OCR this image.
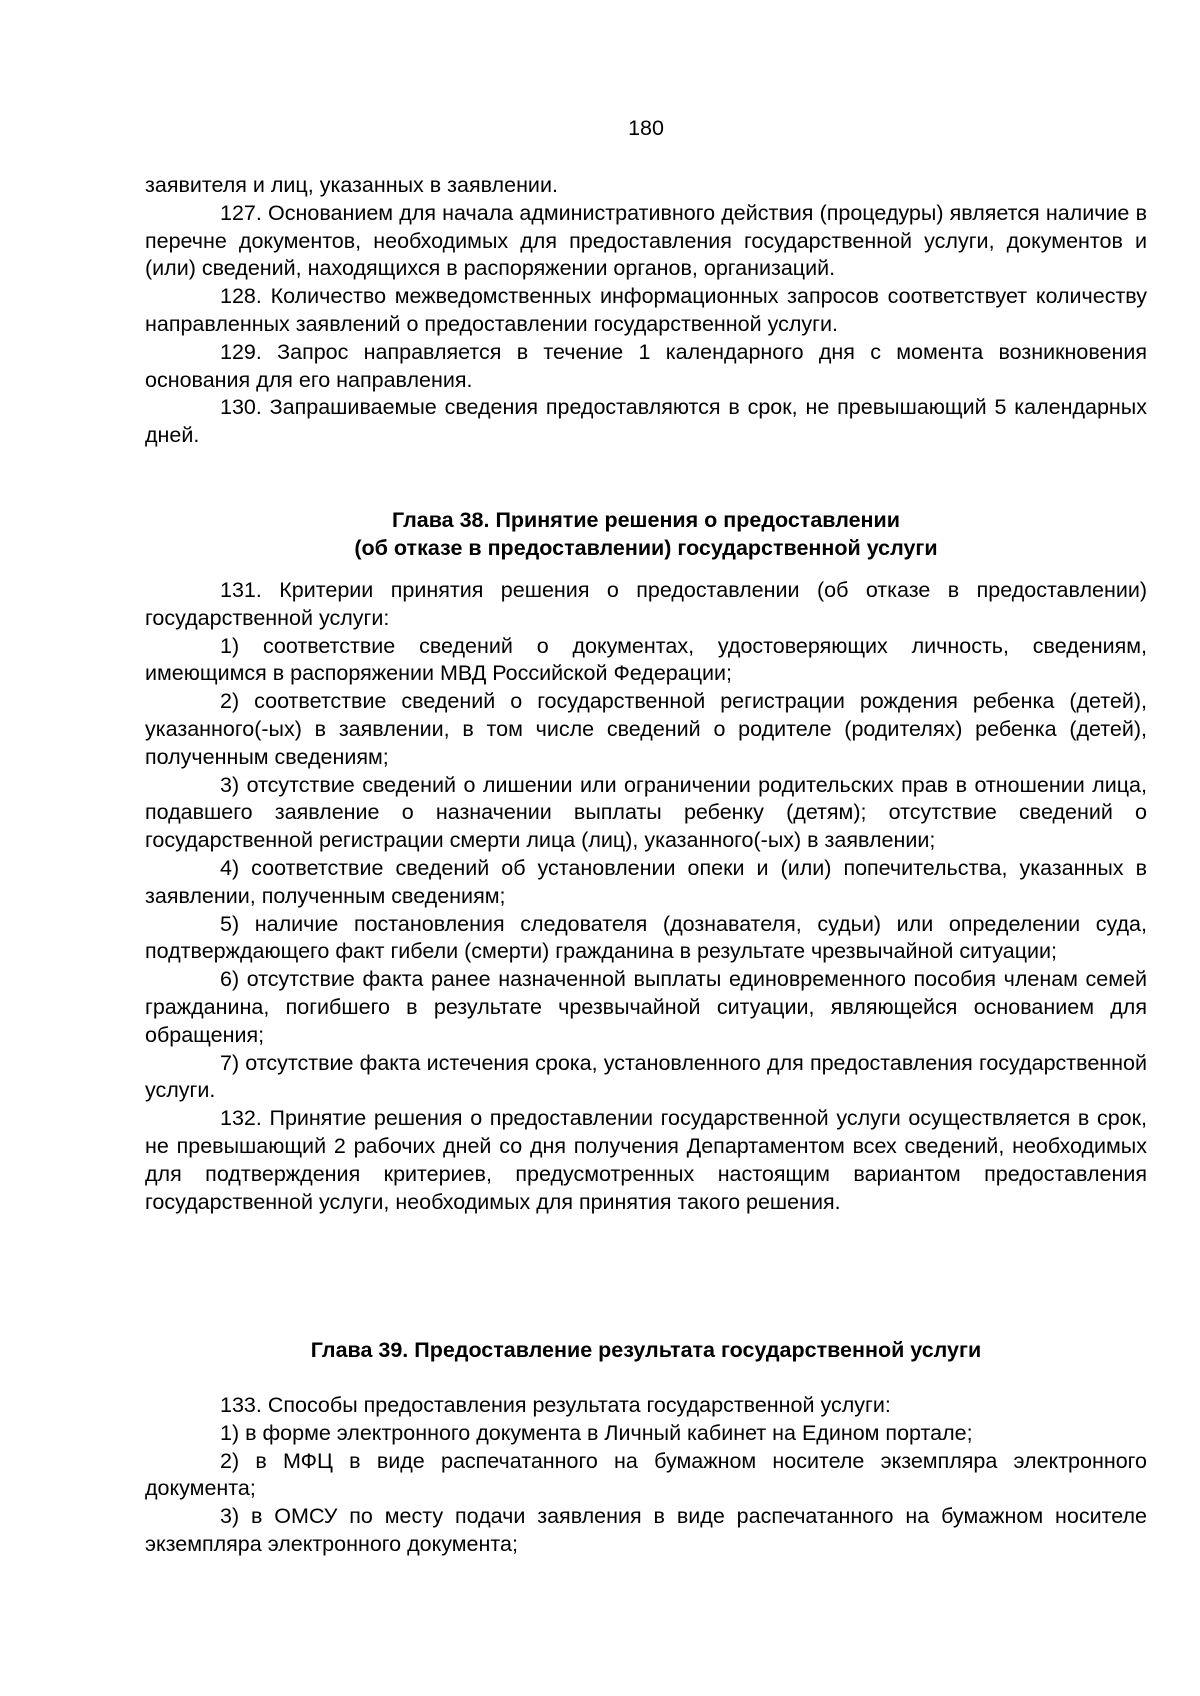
180

заявителя и лиц, указанных в заявлении.

127. Основанием для начала административного действия (процедуры) является наличие в перечне документов, необходимых для предоставления государственной услуги, документов и (или) сведений, находящихся в распоряжении органов, организаций.

128. Количество межведомственных информационных запросов соответствует количеству направленных заявлений о предоставлении государственной услуги.

129. Запрос направляется в течение 1 календарного дня с момента возникновения основания для его направления.

130. Запрашиваемые сведения предоставляются в срок, не превышающий 5 календарных дней.

Глава 38. Принятие решения о предоставлении
(об отказе в предоставлении) государственной услуги

131. Критерии принятия решения о предоставлении (об отказе в предоставлении) государственной услуги:

1) соответствие сведений о документах, удостоверяющих личность, сведениям, имеющимся в распоряжении МВД Российской Федерации;

2) соответствие сведений о государственной регистрации рождения ребенка (детей), указанного(-ых) в заявлении, в том числе сведений о родителе (родителях) ребенка (детей), полученным сведениям;

3) отсутствие сведений о лишении или ограничении родительских прав в отношении лица, подавшего заявление о назначении выплаты ребенку (детям); отсутствие сведений о государственной регистрации смерти лица (лиц), указанного(-ых) в заявлении;

4) соответствие сведений об установлении опеки и (или) попечительства, указанных в заявлении, полученным сведениям;

5) наличие постановления следователя (дознавателя, судьи) или определении суда, подтверждающего факт гибели (смерти) гражданина в результате чрезвычайной ситуации;

6) отсутствие факта ранее назначенной выплаты единовременного пособия членам семей гражданина, погибшего в результате чрезвычайной ситуации, являющейся основанием для обращения;

7) отсутствие факта истечения срока, установленного для предоставления государственной услуги.

132. Принятие решения о предоставлении государственной услуги осуществляется в срок, не превышающий 2 рабочих дней со дня получения Департаментом всех сведений, необходимых для подтверждения критериев, предусмотренных настоящим вариантом предоставления государственной услуги, необходимых для принятия такого решения.

Глава 39. Предоставление результата государственной услуги

133. Способы предоставления результата государственной услуги:

1) в форме электронного документа в Личный кабинет на Едином портале;

2) в МФЦ в виде распечатанного на бумажном носителе экземпляра электронного документа;

3) в ОМСУ по месту подачи заявления в виде распечатанного на бумажном носителе экземпляра электронного документа;
